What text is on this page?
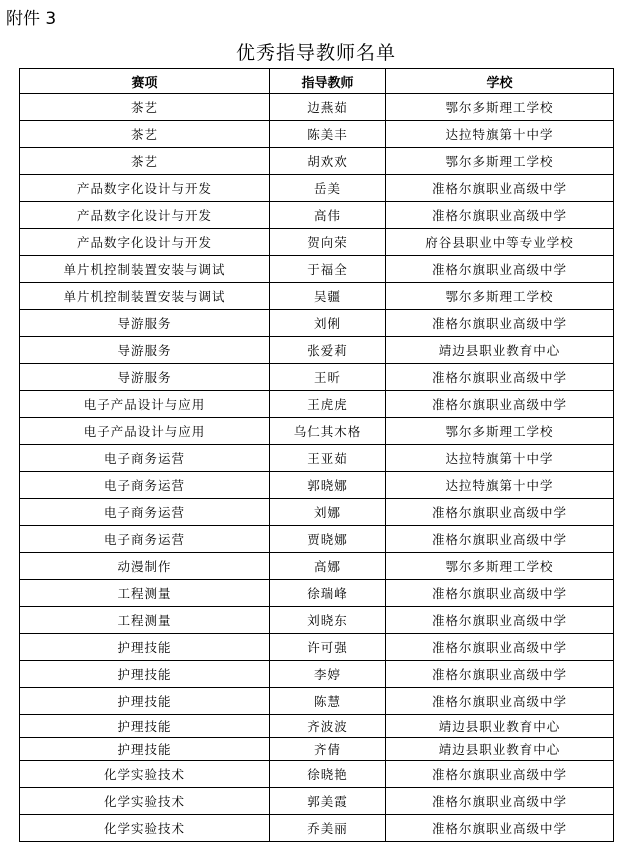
附件 3
优秀指导教师名单
赛项	指导教师	学校
茶艺	边燕茹	鄂尔多斯理工学校
茶艺	陈美丰	达拉特旗第十中学
茶艺	胡欢欢	鄂尔多斯理工学校
产品数字化设计与开发	岳美	准格尔旗职业高级中学
产品数字化设计与开发	高伟	准格尔旗职业高级中学
产品数字化设计与开发	贺向荣	府谷县职业中等专业学校
单片机控制装置安装与调试	于福全	准格尔旗职业高级中学
单片机控制装置安装与调试	吴疆	鄂尔多斯理工学校
导游服务	刘俐	准格尔旗职业高级中学
导游服务	张爱莉	靖边县职业教育中心
导游服务	王昕	准格尔旗职业高级中学
电子产品设计与应用	王虎虎	准格尔旗职业高级中学
电子产品设计与应用	乌仁其木格	鄂尔多斯理工学校
电子商务运营	王亚茹	达拉特旗第十中学
电子商务运营	郭晓娜	达拉特旗第十中学
电子商务运营	刘娜	准格尔旗职业高级中学
电子商务运营	贾晓娜	准格尔旗职业高级中学
动漫制作	高娜	鄂尔多斯理工学校
工程测量	徐瑞峰	准格尔旗职业高级中学
工程测量	刘晓东	准格尔旗职业高级中学
护理技能	许可强	准格尔旗职业高级中学
护理技能	李婷	准格尔旗职业高级中学
护理技能	陈慧	准格尔旗职业高级中学
护理技能	齐波波	靖边县职业教育中心
护理技能	齐倩	靖边县职业教育中心
化学实验技术	徐晓艳	准格尔旗职业高级中学
化学实验技术	郭美霞	准格尔旗职业高级中学
化学实验技术	乔美丽	准格尔旗职业高级中学
